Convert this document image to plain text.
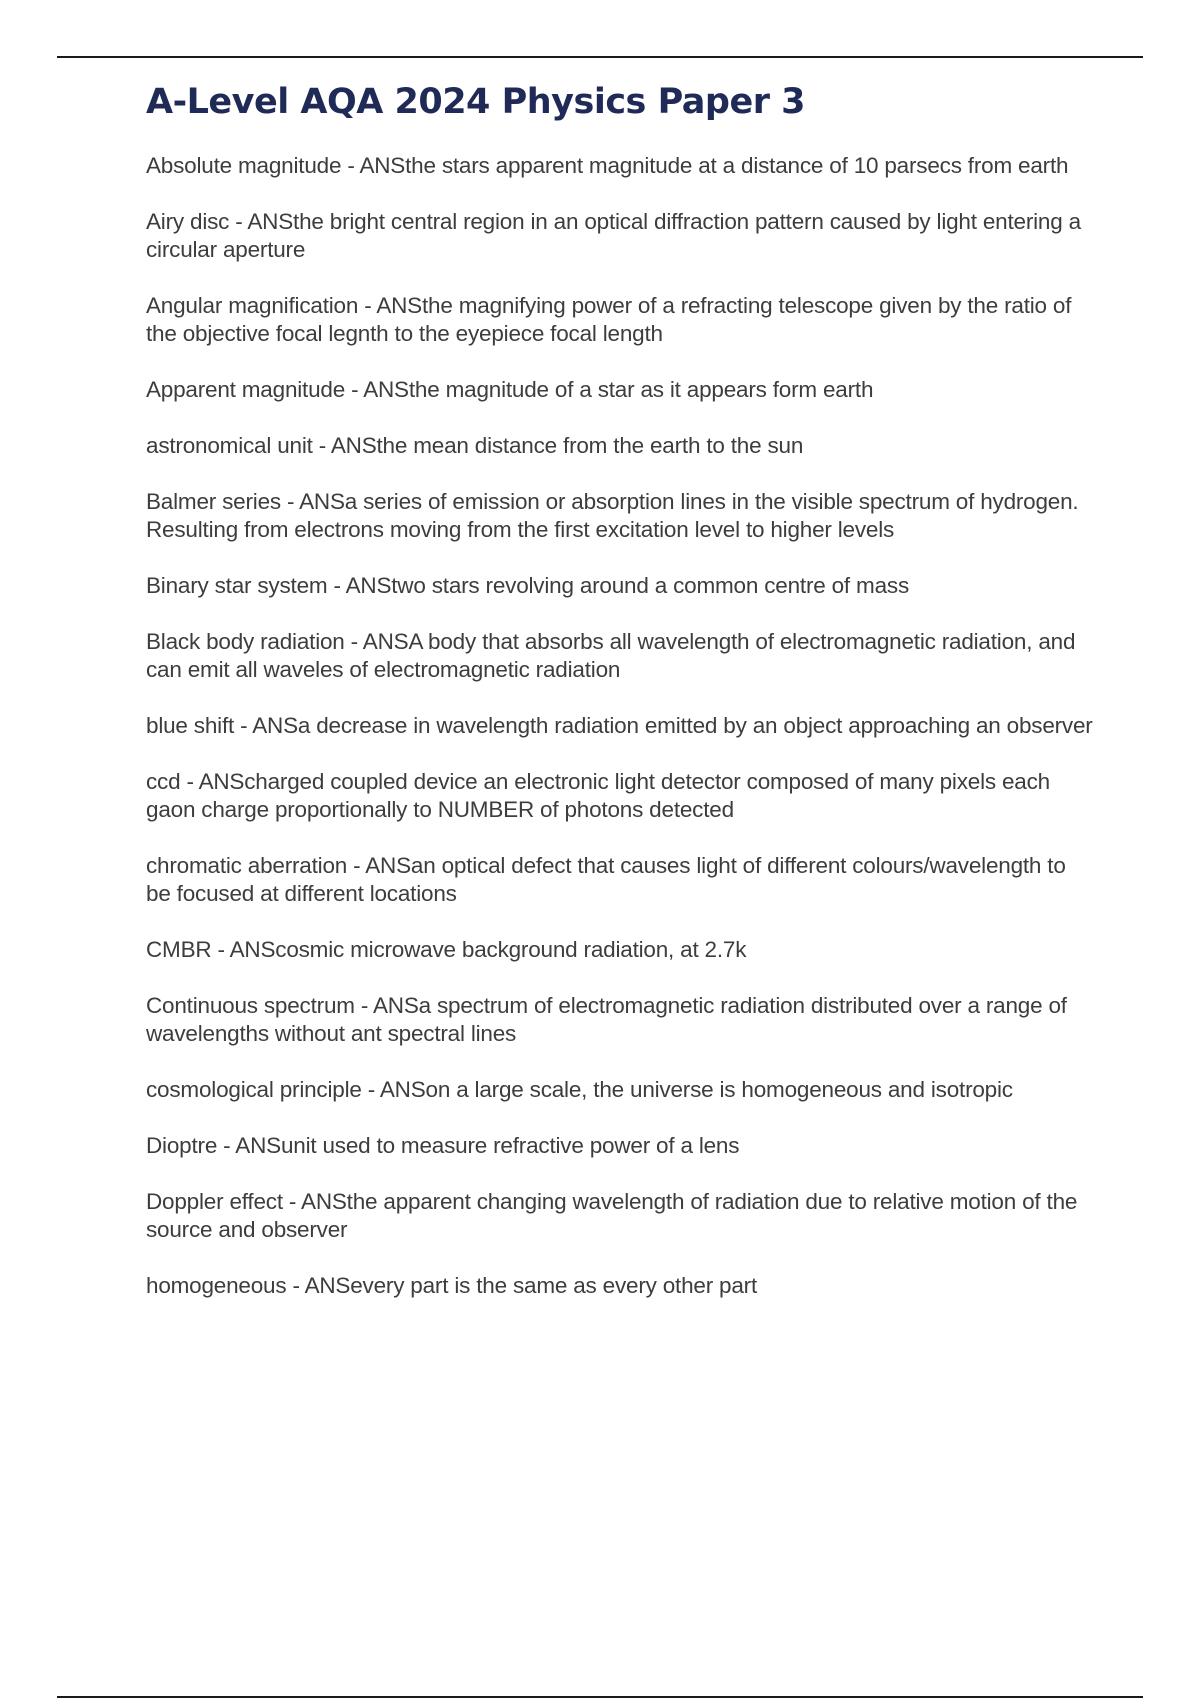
A-Level AQA 2024 Physics Paper 3
Absolute magnitude - ANSthe stars apparent magnitude at a distance of 10 parsecs from earth
Airy disc - ANSthe bright central region in an optical diffraction pattern caused by light entering a circular aperture
Angular magnification - ANSthe magnifying power of a refracting telescope given by the ratio of the objective focal legnth to the eyepiece focal length
Apparent magnitude - ANSthe magnitude of a star as it appears form earth
astronomical unit - ANSthe mean distance from the earth to the sun
Balmer series - ANSa series of emission or absorption lines in the visible spectrum of hydrogen. Resulting from electrons moving from the first excitation level to higher levels
Binary star system - ANStwo stars revolving around a common centre of mass
Black body radiation - ANSA body that absorbs all wavelength of electromagnetic radiation, and can emit all waveles of electromagnetic radiation
blue shift - ANSa decrease in wavelength radiation emitted by an object approaching an observer
ccd - ANScharged coupled device an electronic light detector composed of many pixels each gaon charge proportionally to NUMBER of photons detected
chromatic aberration - ANSan optical defect that causes light of different colours/wavelength to be focused at different locations
CMBR - ANScosmic microwave background radiation, at 2.7k
Continuous spectrum - ANSa spectrum of electromagnetic radiation distributed over a range of wavelengths without ant spectral lines
cosmological principle - ANSon a large scale, the universe is homogeneous and isotropic
Dioptre - ANSunit used to measure refractive power of a lens
Doppler effect - ANSthe apparent changing wavelength of radiation due to relative motion of the source and observer
homogeneous - ANSevery part is the same as every other part
